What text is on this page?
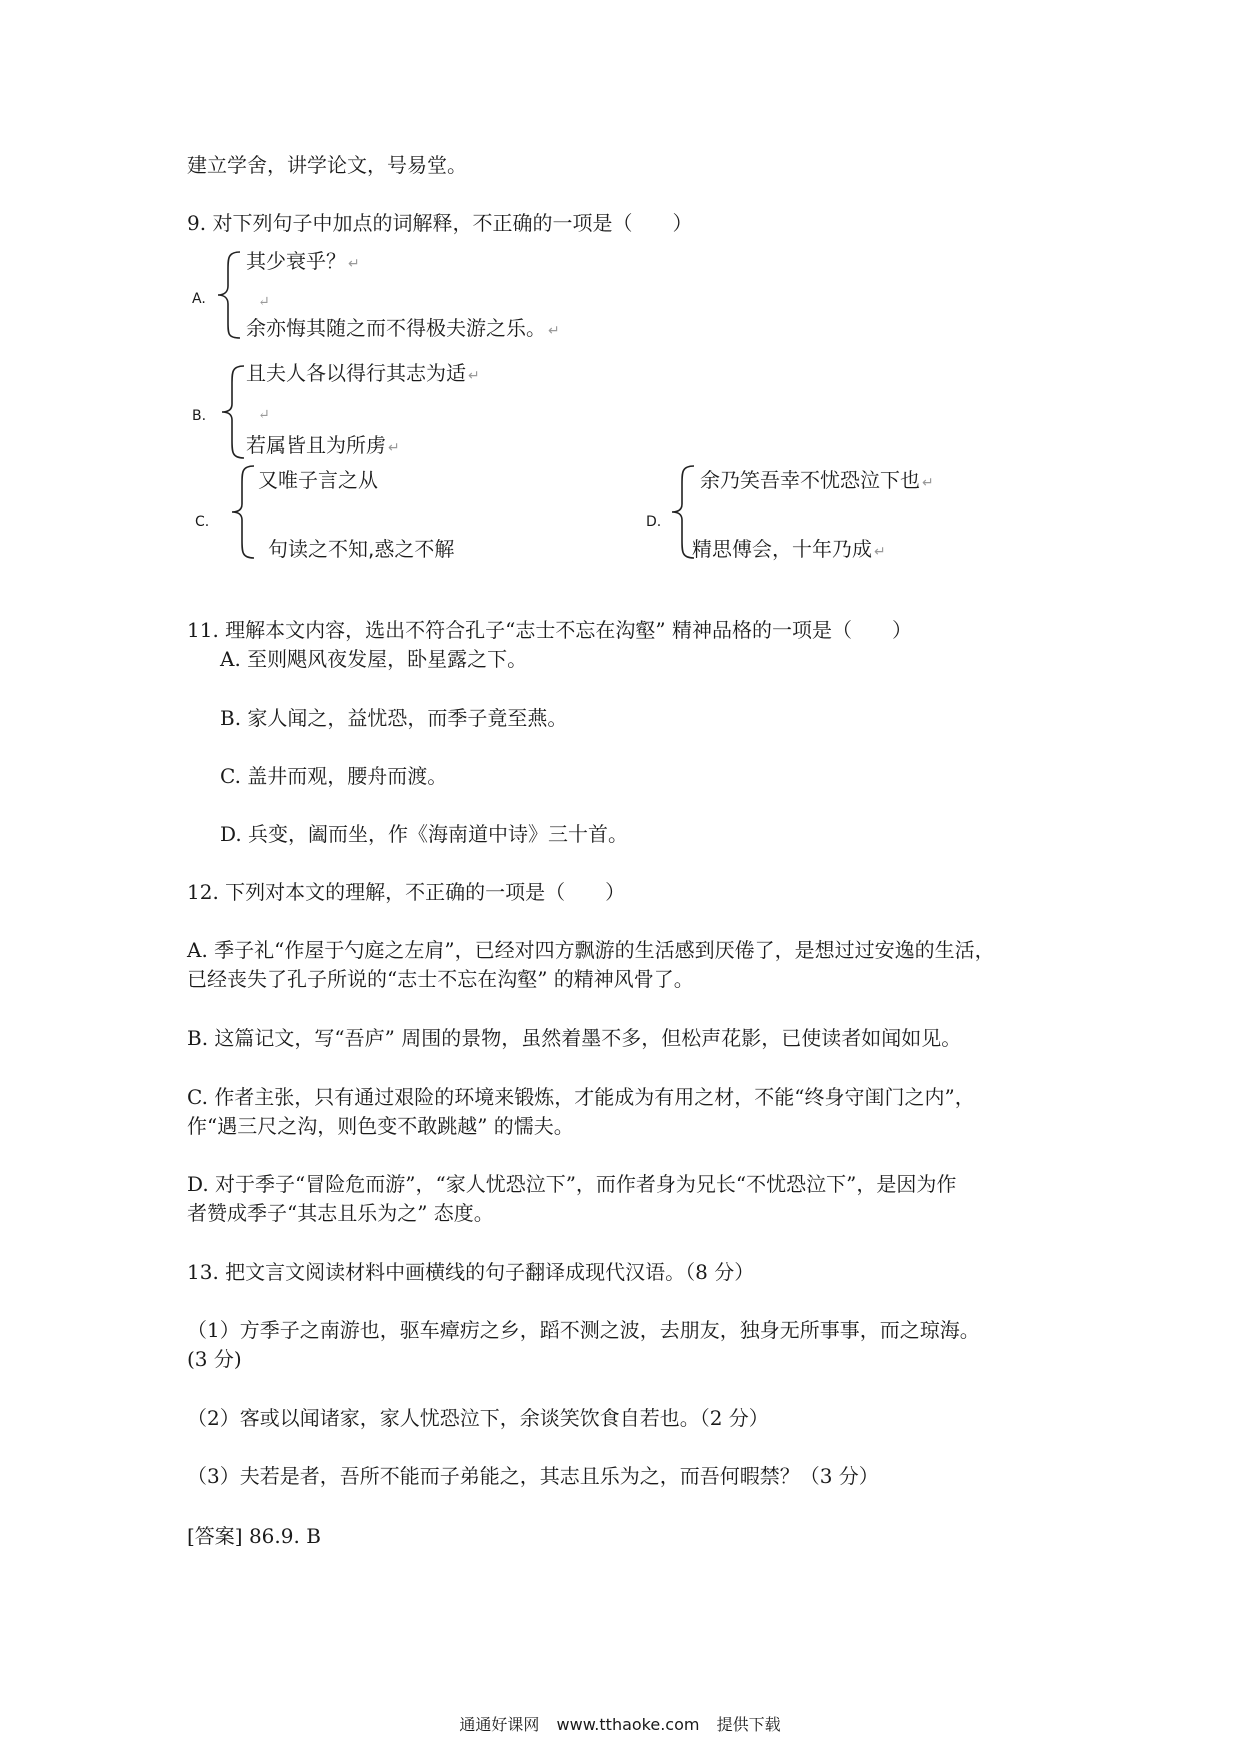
建立学舍，讲学论文，号易堂。
9. 对下列句子中加点的词解释，不正确的一项是（　　）
A.
其少衰乎？ ↵
↵
余亦悔其随之而不得极夫游之乐。 ↵
B.
且夫人各以得行其志为适 ↵
↵
若属皆且为所虏 ↵
C.
又唯子言之从
句读之不知,惑之不解
D.
余乃笑吾幸不忧恐泣下也 ↵
精思傅会，十年乃成 ↵
11. 理解本文内容，选出不符合孔子“志士不忘在沟壑” 精神品格的一项是（　　）
A. 至则飓风夜发屋，卧星露之下。
B. 家人闻之，益忧恐，而季子竟至燕。
C. 盖井而观，腰舟而渡。
D. 兵变，阖而坐，作《海南道中诗》三十首。
12. 下列对本文的理解，不正确的一项是（　　）
A. 季子礼“作屋于勺庭之左肩”，已经对四方飘游的生活感到厌倦了，是想过过安逸的生活，
已经丧失了孔子所说的“志士不忘在沟壑” 的精神风骨了。
B. 这篇记文，写“吾庐” 周围的景物，虽然着墨不多，但松声花影，已使读者如闻如见。
C. 作者主张，只有通过艰险的环境来锻炼，才能成为有用之材，不能“终身守闺门之内”，
作“遇三尺之沟，则色变不敢跳越” 的懦夫。
D. 对于季子“冒险危而游”，“家人忧恐泣下”，而作者身为兄长“不忧恐泣下”，是因为作
者赞成季子“其志且乐为之” 态度。
13. 把文言文阅读材料中画横线的句子翻译成现代汉语。（8 分）
（1）方季子之南游也，驱车瘴疠之乡，蹈不测之波，去朋友，独身无所事事，而之琼海。
(3 分)
（2）客或以闻诸家，家人忧恐泣下，余谈笑饮食自若也。（2 分）
（3）夫若是者，吾所不能而子弟能之，其志且乐为之，而吾何暇禁？（3 分）
[答案] 86.9. B
通通好课网 www.tthaoke.com 提供下载
